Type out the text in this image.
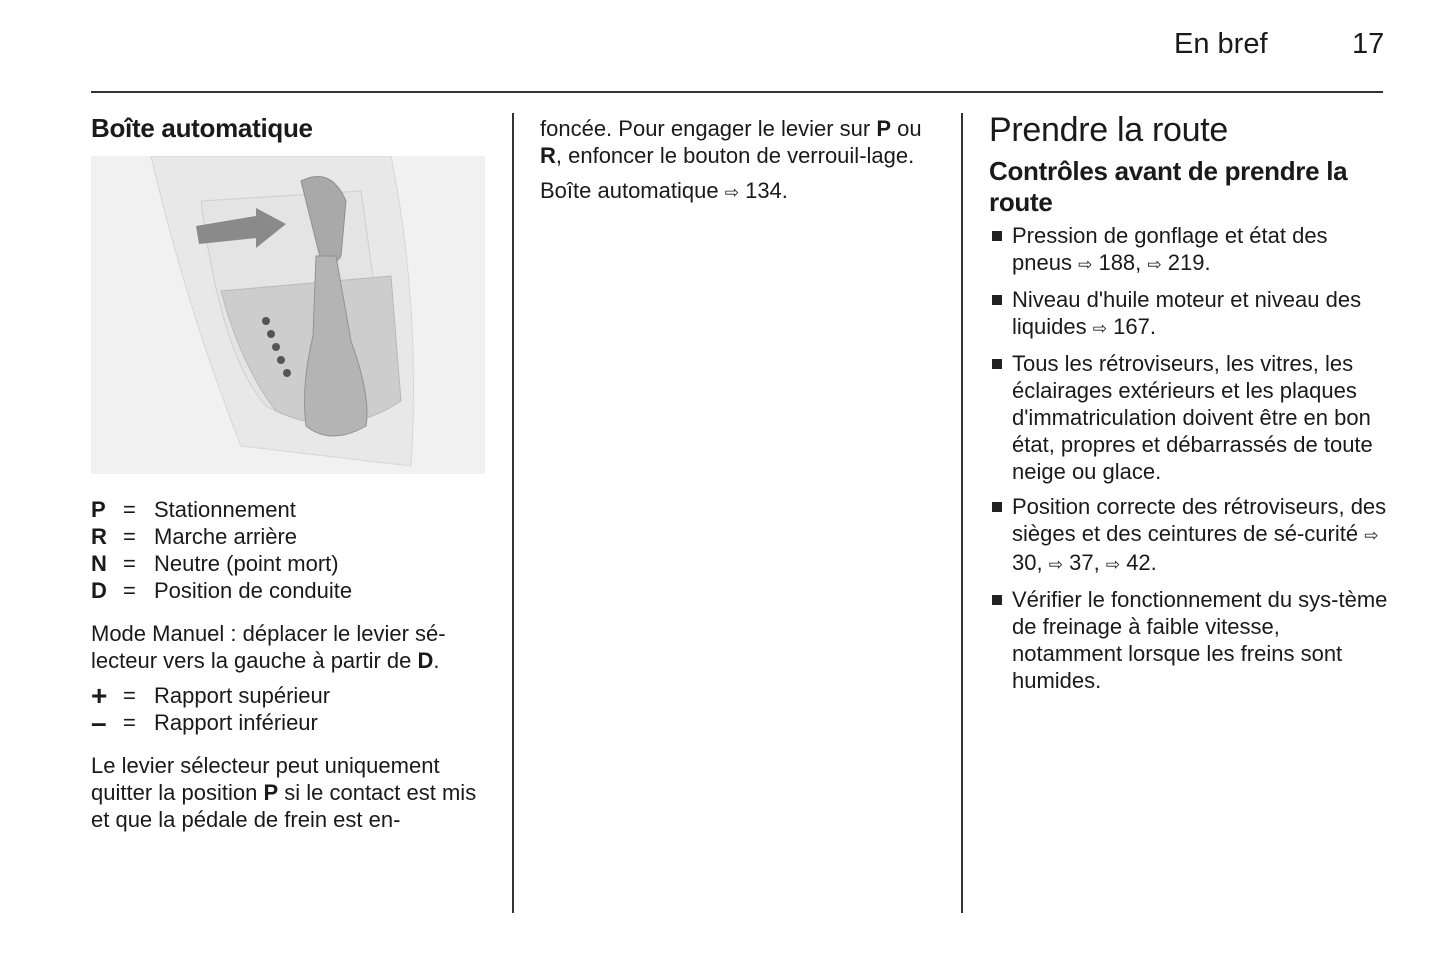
En bref	17
Boîte automatique
P = Stationnement
R = Marche arrière
N = Neutre (point mort)
D = Position de conduite

Mode Manuel : déplacer le levier sé-lecteur vers la gauche à partir de D.

+ = Rapport supérieur
– = Rapport inférieur

Le levier sélecteur peut uniquement quitter la position P si le contact est mis et que la pédale de frein est en-

foncée. Pour engager le levier sur P ou R, enfoncer le bouton de verrouil-lage.

Boîte automatique ⇨ 134.

Prendre la route
Contrôles avant de prendre la route
Pression de gonflage et état des pneus ⇨ 188, ⇨ 219.
Niveau d'huile moteur et niveau des liquides ⇨ 167.
Tous les rétroviseurs, les vitres, les éclairages extérieurs et les plaques d'immatriculation doivent être en bon état, propres et débarrassés de toute neige ou glace.
Position correcte des rétroviseurs, des sièges et des ceintures de sé-curité ⇨ 30, ⇨ 37, ⇨ 42.
Vérifier le fonctionnement du sys-tème de freinage à faible vitesse, notamment lorsque les freins sont humides.
